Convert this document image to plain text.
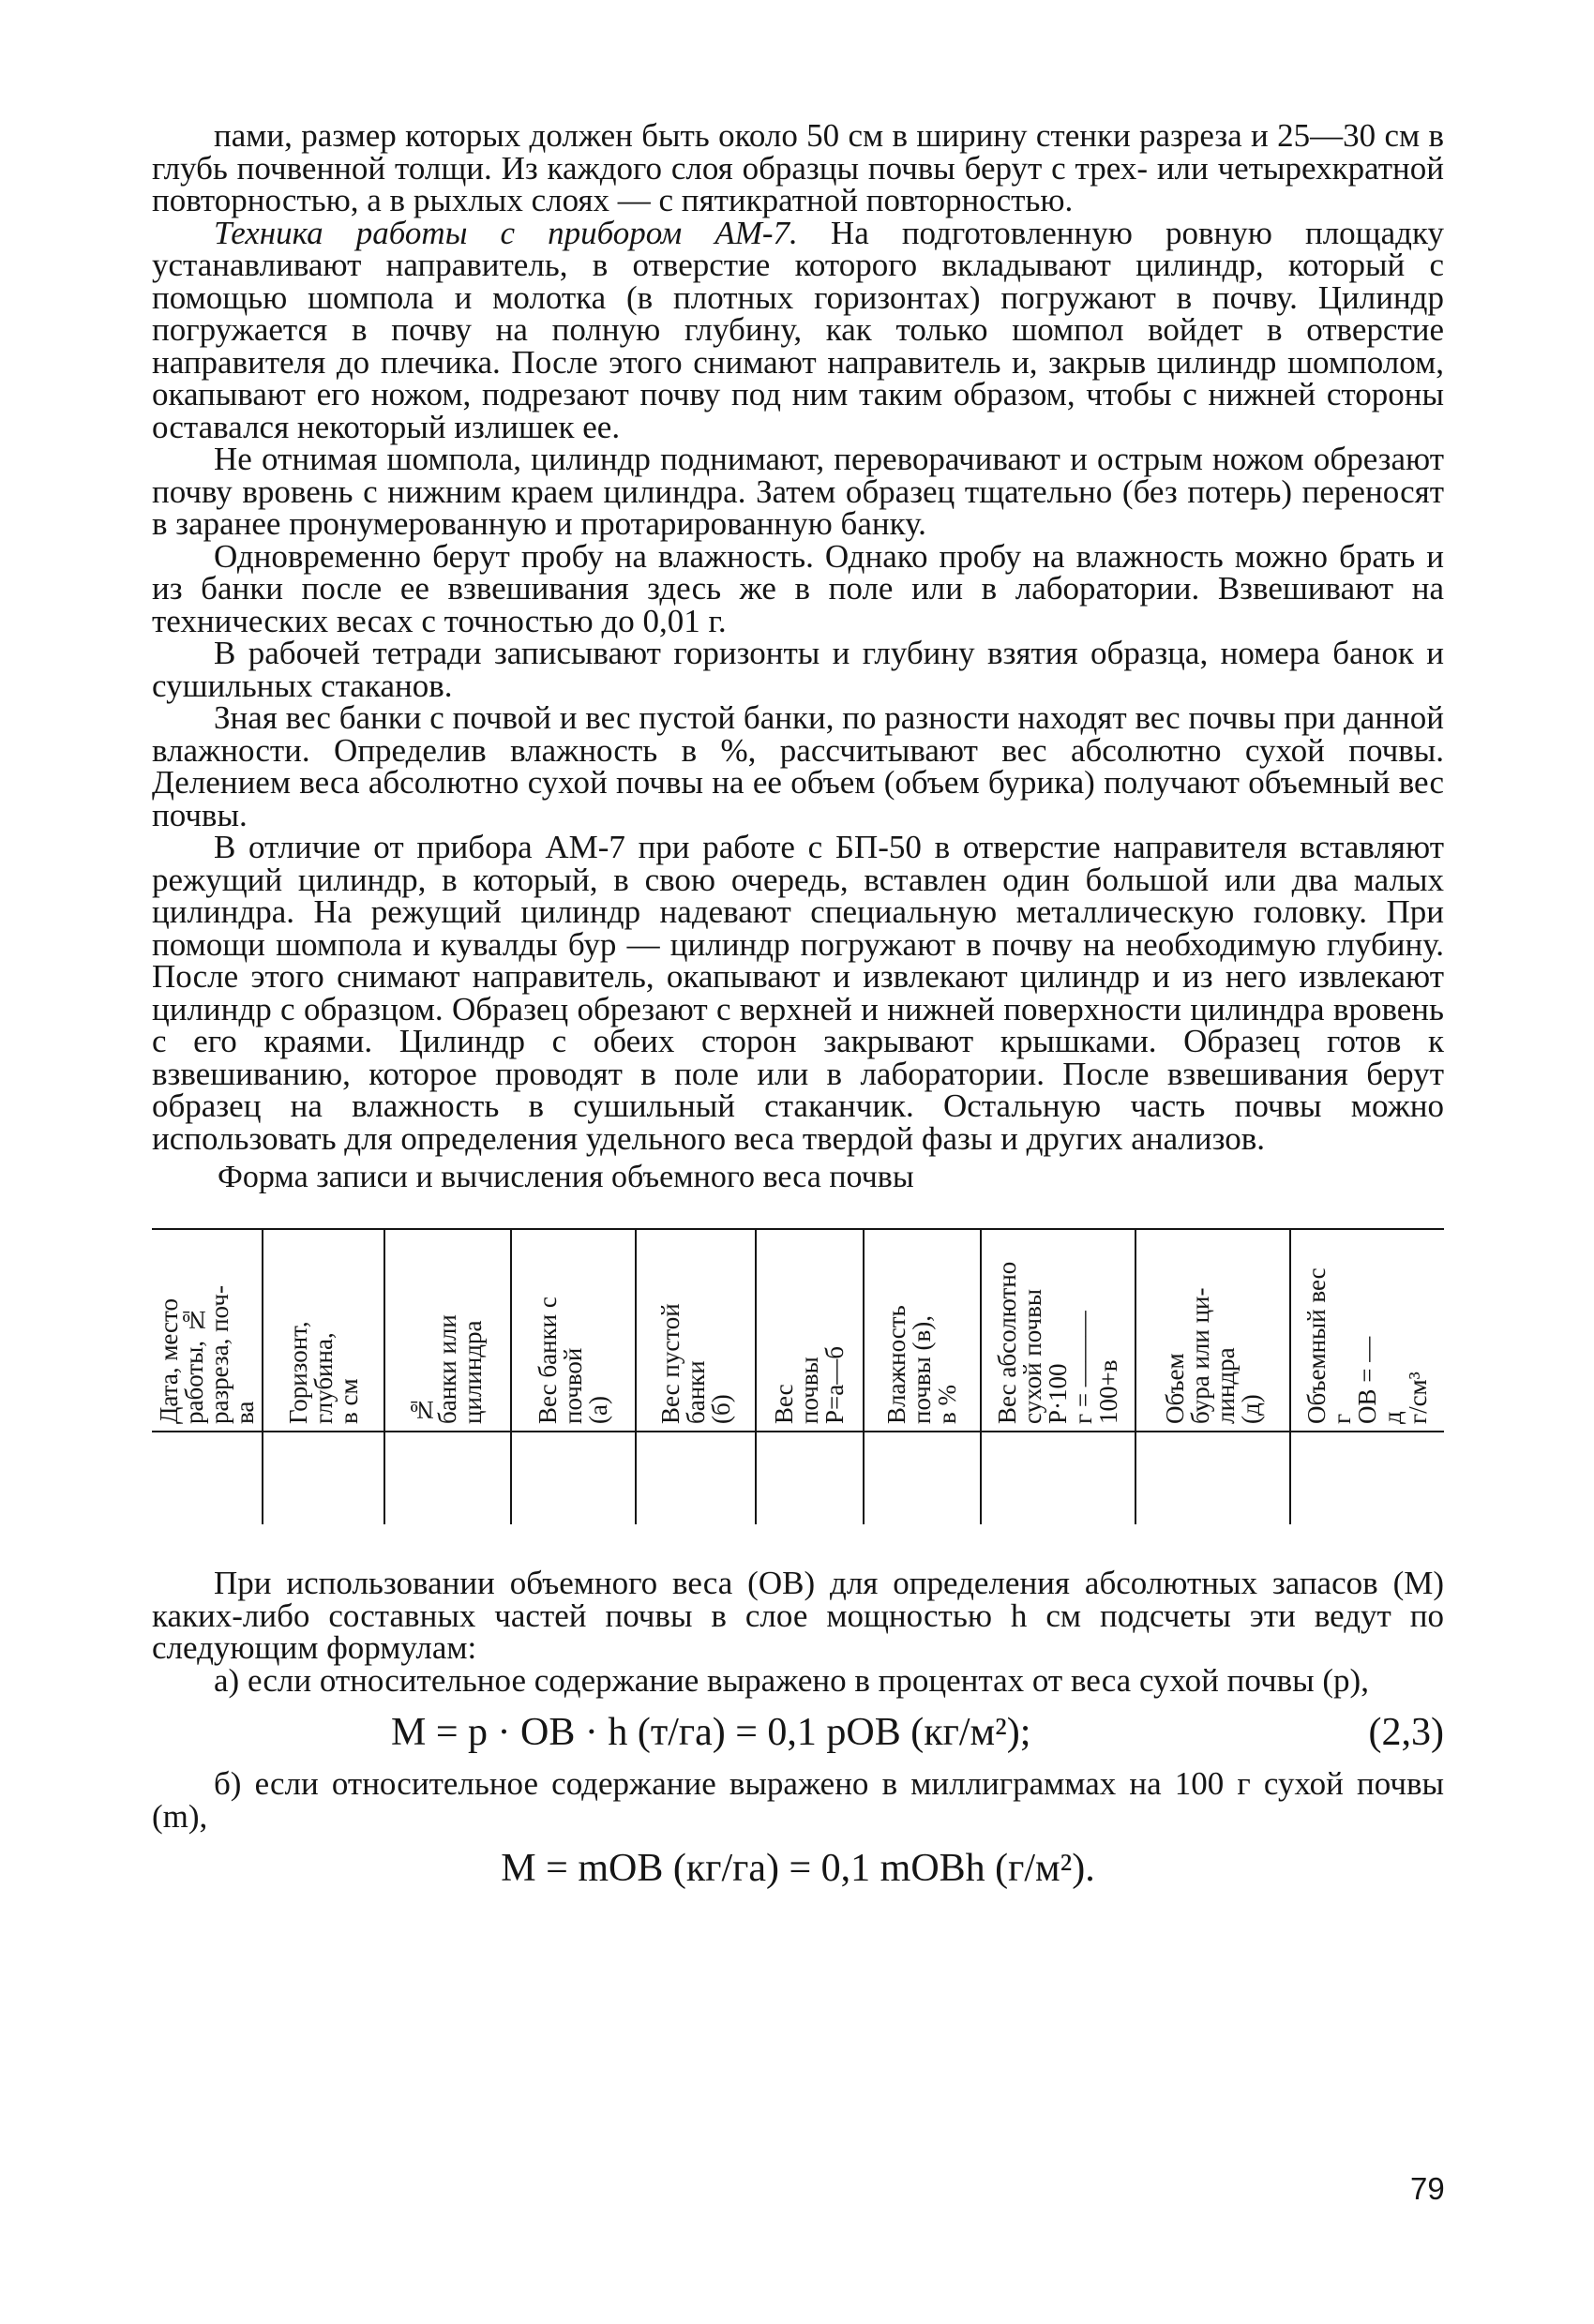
пами, размер которых должен быть около 50 см в ширину стенки разреза и 25—30 см в глубь почвенной толщи. Из каждого слоя образцы почвы берут с трех- или четырехкратной повторностью, а в рыхлых слоях — с пятикратной повторностью.

Техника работы с прибором АМ-7. На подготовленную ровную площадку устанавливают направитель, в отверстие которого вкладывают цилиндр, который с помощью шомпола и молотка (в плотных горизонтах) погружают в почву. Цилиндр погружается в почву на полную глубину, как только шомпол войдет в отверстие направителя до плечика. После этого снимают направитель и, закрыв цилиндр шомполом, окапывают его ножом, подрезают почву под ним таким образом, чтобы с нижней стороны оставался некоторый излишек ее.

Не отнимая шомпола, цилиндр поднимают, переворачивают и острым ножом обрезают почву вровень с нижним краем цилиндра. Затем образец тщательно (без потерь) переносят в заранее пронумерованную и протарированную банку.

Одновременно берут пробу на влажность. Однако пробу на влажность можно брать и из банки после ее взвешивания здесь же в поле или в лаборатории. Взвешивают на технических весах с точностью до 0,01 г.

В рабочей тетради записывают горизонты и глубину взятия образца, номера банок и сушильных стаканов.

Зная вес банки с почвой и вес пустой банки, по разности находят вес почвы при данной влажности. Определив влажность в %, рассчитывают вес абсолютно сухой почвы. Делением веса абсолютно сухой почвы на ее объем (объем бурика) получают объемный вес почвы.

В отличие от прибора АМ-7 при работе с БП-50 в отверстие направителя вставляют режущий цилиндр, в который, в свою очередь, вставлен один большой или два малых цилиндра. На режущий цилиндр надевают специальную металлическую головку. При помощи шомпола и кувалды бур — цилиндр погружают в почву на необходимую глубину. После этого снимают направитель, окапывают и извлекают цилиндр и из него извлекают цилиндр с образцом. Образец обрезают с верхней и нижней поверхности цилиндра вровень с его краями. Цилиндр с обеих сторон закрывают крышками. Образец готов к взвешиванию, которое проводят в поле или в лаборатории. После взвешивания берут образец на влажность в сушильный стаканчик. Остальную часть почвы можно использовать для определения удельного веса твердой фазы и других анализов.

Форма записи и вычисления объемного веса почвы

Дата, место
работы, №
разреза, поч-
ва	Горизонт,
глубина,
в см	№
банки или
цилиндра	Вес банки с
почвой
(а)	Вес пустой
банки
(б)	Вес
почвы
Р=а—б	Влажность
почвы (в),
в %	Вес абсолютно
сухой почвы
Р·100
г = ———
100+в	Объем
бура или ци-
линдра
(д)	Объемный вес
г
ОВ = —
д
г/см³

При использовании объемного веса (ОВ) для определения абсолютных запасов (М) каких-либо составных частей почвы в слое мощностью h см подсчеты эти ведут по следующим формулам:

а) если относительное содержание выражено в процентах от веса сухой почвы (p),

M = p · ОВ · h (т/га) = 0,1 pОВ (кг/м²);	(2,3)

б) если относительное содержание выражено в миллиграммах на 100 г сухой почвы (m),

M = mОВ (кг/га) = 0,1 mОВh (г/м²).
79
